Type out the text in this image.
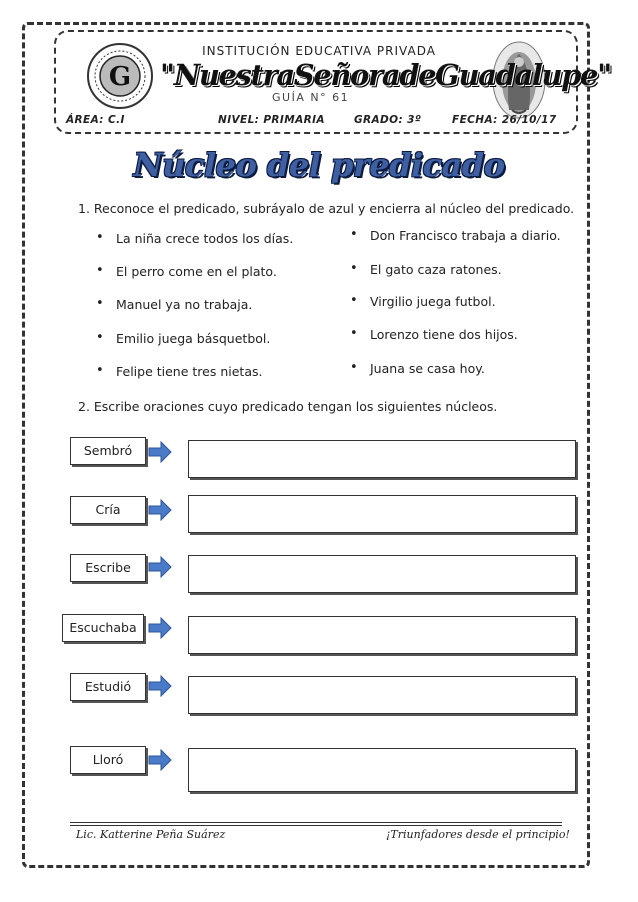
G
INSTITUCIÓN EDUCATIVA PRIVADA
"NuestraSeñoradeGuadalupe"
GUÍA N° 61
ÁREA: C.I	NIVEL: PRIMARIA	GRADO: 3º	FECHA: 26/10/17
Núcleo del predicado
1. Reconoce el predicado, subráyalo de azul y encierra al núcleo del predicado.
• La niña crece todos los días.
• El perro come en el plato.
• Manuel ya no trabaja.
• Emilio juega básquetbol.
• Felipe tiene tres nietas.
• Don Francisco trabaja a diario.
• El gato caza ratones.
• Virgilio juega futbol.
• Lorenzo tiene dos hijos.
• Juana se casa hoy.
2. Escribe oraciones cuyo predicado tengan los siguientes núcleos.
Sembró
Cría
Escribe
Escuchaba
Estudió
Lloró
Lic. Katterine Peña Suárez	¡Triunfadores desde el principio!
